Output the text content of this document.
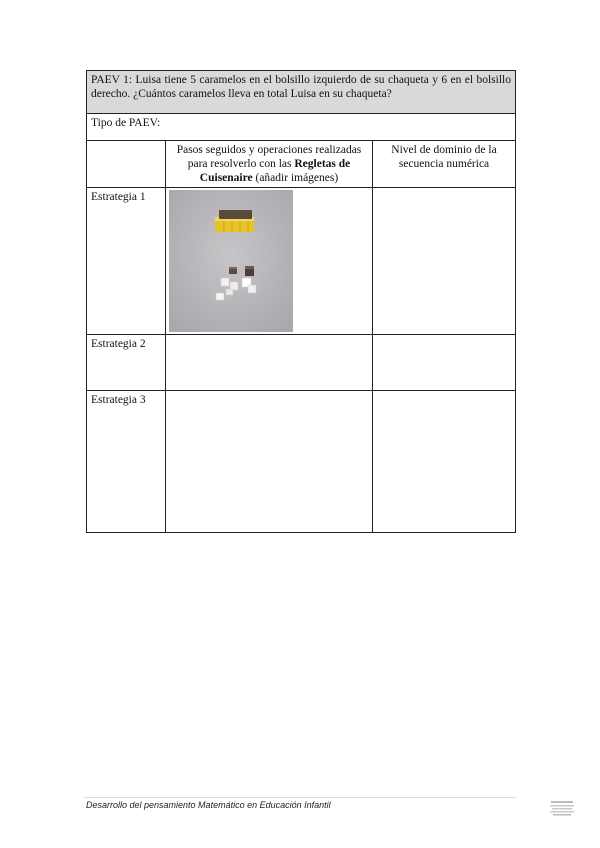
PAEV 1: Luisa tiene 5 caramelos en el bolsillo izquierdo de su chaqueta y 6 en el bolsillo derecho. ¿Cuántos caramelos lleva en total Luisa en su chaqueta?		
Tipo de PAEV:		
	Pasos seguidos y operaciones realizadas para resolverlo con las Regletas de Cuisenaire (añadir imágenes)	Nivel de dominio de la secuencia numérica
Estrategia 1	

Estrategia 2		
Estrategia 3		
Desarrollo del pensamiento Matemático en Educación Infantil
